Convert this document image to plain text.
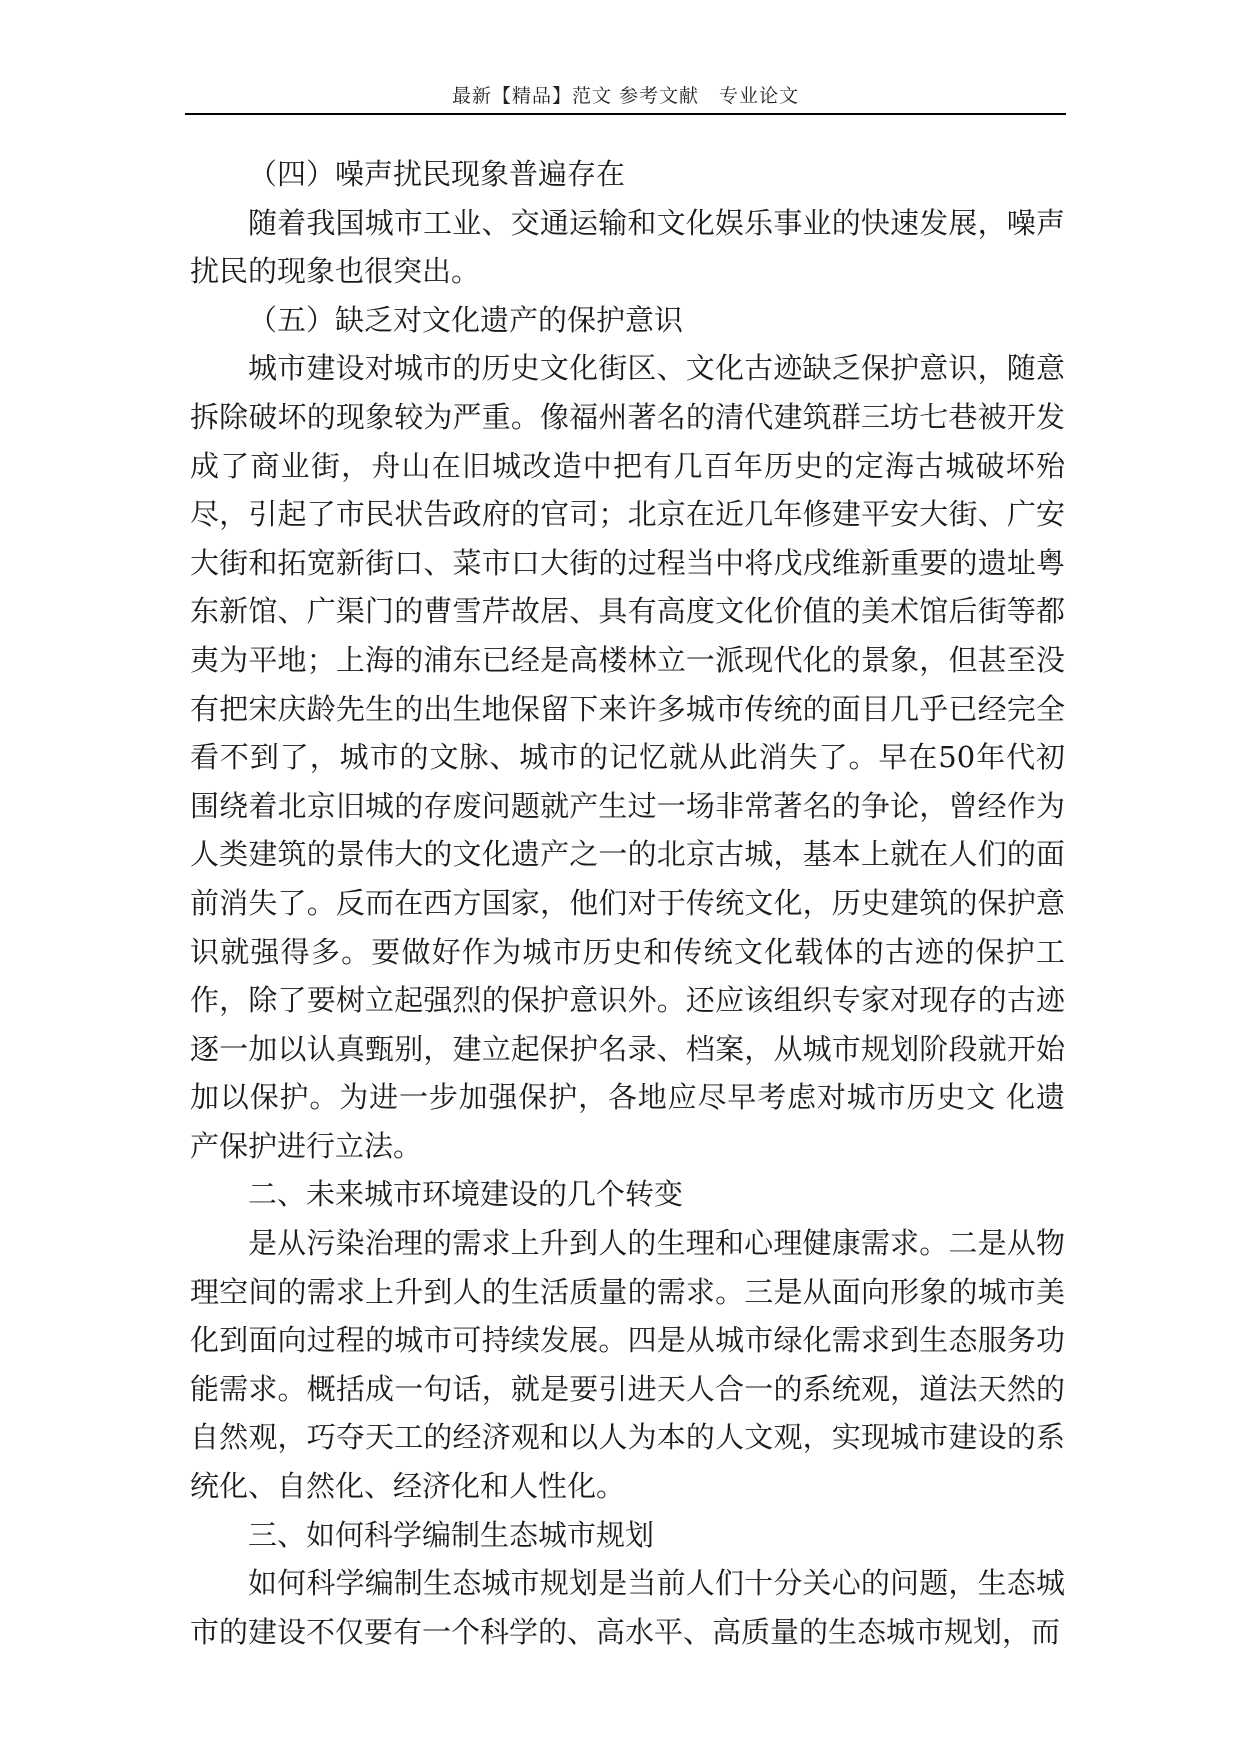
最新【精品】范文 参考文献　专业论文

（四）噪声扰民现象普遍存在

随着我国城市工业、交通运输和文化娱乐事业的快速发展，噪声扰民的现象也很突出。

（五）缺乏对文化遗产的保护意识

城市建设对城市的历史文化街区、文化古迹缺乏保护意识，随意拆除破坏的现象较为严重。像福州著名的清代建筑群三坊七巷被开发成了商业街，舟山在旧城改造中把有几百年历史的定海古城破坏殆尽，引起了市民状告政府的官司；北京在近几年修建平安大街、广安大街和拓宽新街口、菜市口大街的过程当中将戊戌维新重要的遗址粤东新馆、广渠门的曹雪芹故居、具有高度文化价值的美术馆后街等都夷为平地；上海的浦东已经是高楼林立一派现代化的景象，但甚至没有把宋庆龄先生的出生地保留下来许多城市传统的面目几乎已经完全看不到了，城市的文脉、城市的记忆就从此消失了。早在50年代初围绕着北京旧城的存废问题就产生过一场非常著名的争论，曾经作为人类建筑的景伟大的文化遗产之一的北京古城，基本上就在人们的面前消失了。反而在西方国家，他们对于传统文化，历史建筑的保护意识就强得多。要做好作为城市历史和传统文化载体的古迹的保护工作，除了要树立起强烈的保护意识外。还应该组织专家对现存的古迹逐一加以认真甄别，建立起保护名录、档案，从城市规划阶段就开始加以保护。为进一步加强保护，各地应尽早考虑对城市历史文 化遗产保护进行立法。

二、未来城市环境建设的几个转变

是从污染治理的需求上升到人的生理和心理健康需求。二是从物理空间的需求上升到人的生活质量的需求。三是从面向形象的城市美化到面向过程的城市可持续发展。四是从城市绿化需求到生态服务功能需求。概括成一句话，就是要引进天人合一的系统观，道法天然的自然观，巧夺天工的经济观和以人为本的人文观，实现城市建设的系统化、自然化、经济化和人性化。

三、如何科学编制生态城市规划

如何科学编制生态城市规划是当前人们十分关心的问题，生态城市的建设不仅要有一个科学的、高水平、高质量的生态城市规划，而
